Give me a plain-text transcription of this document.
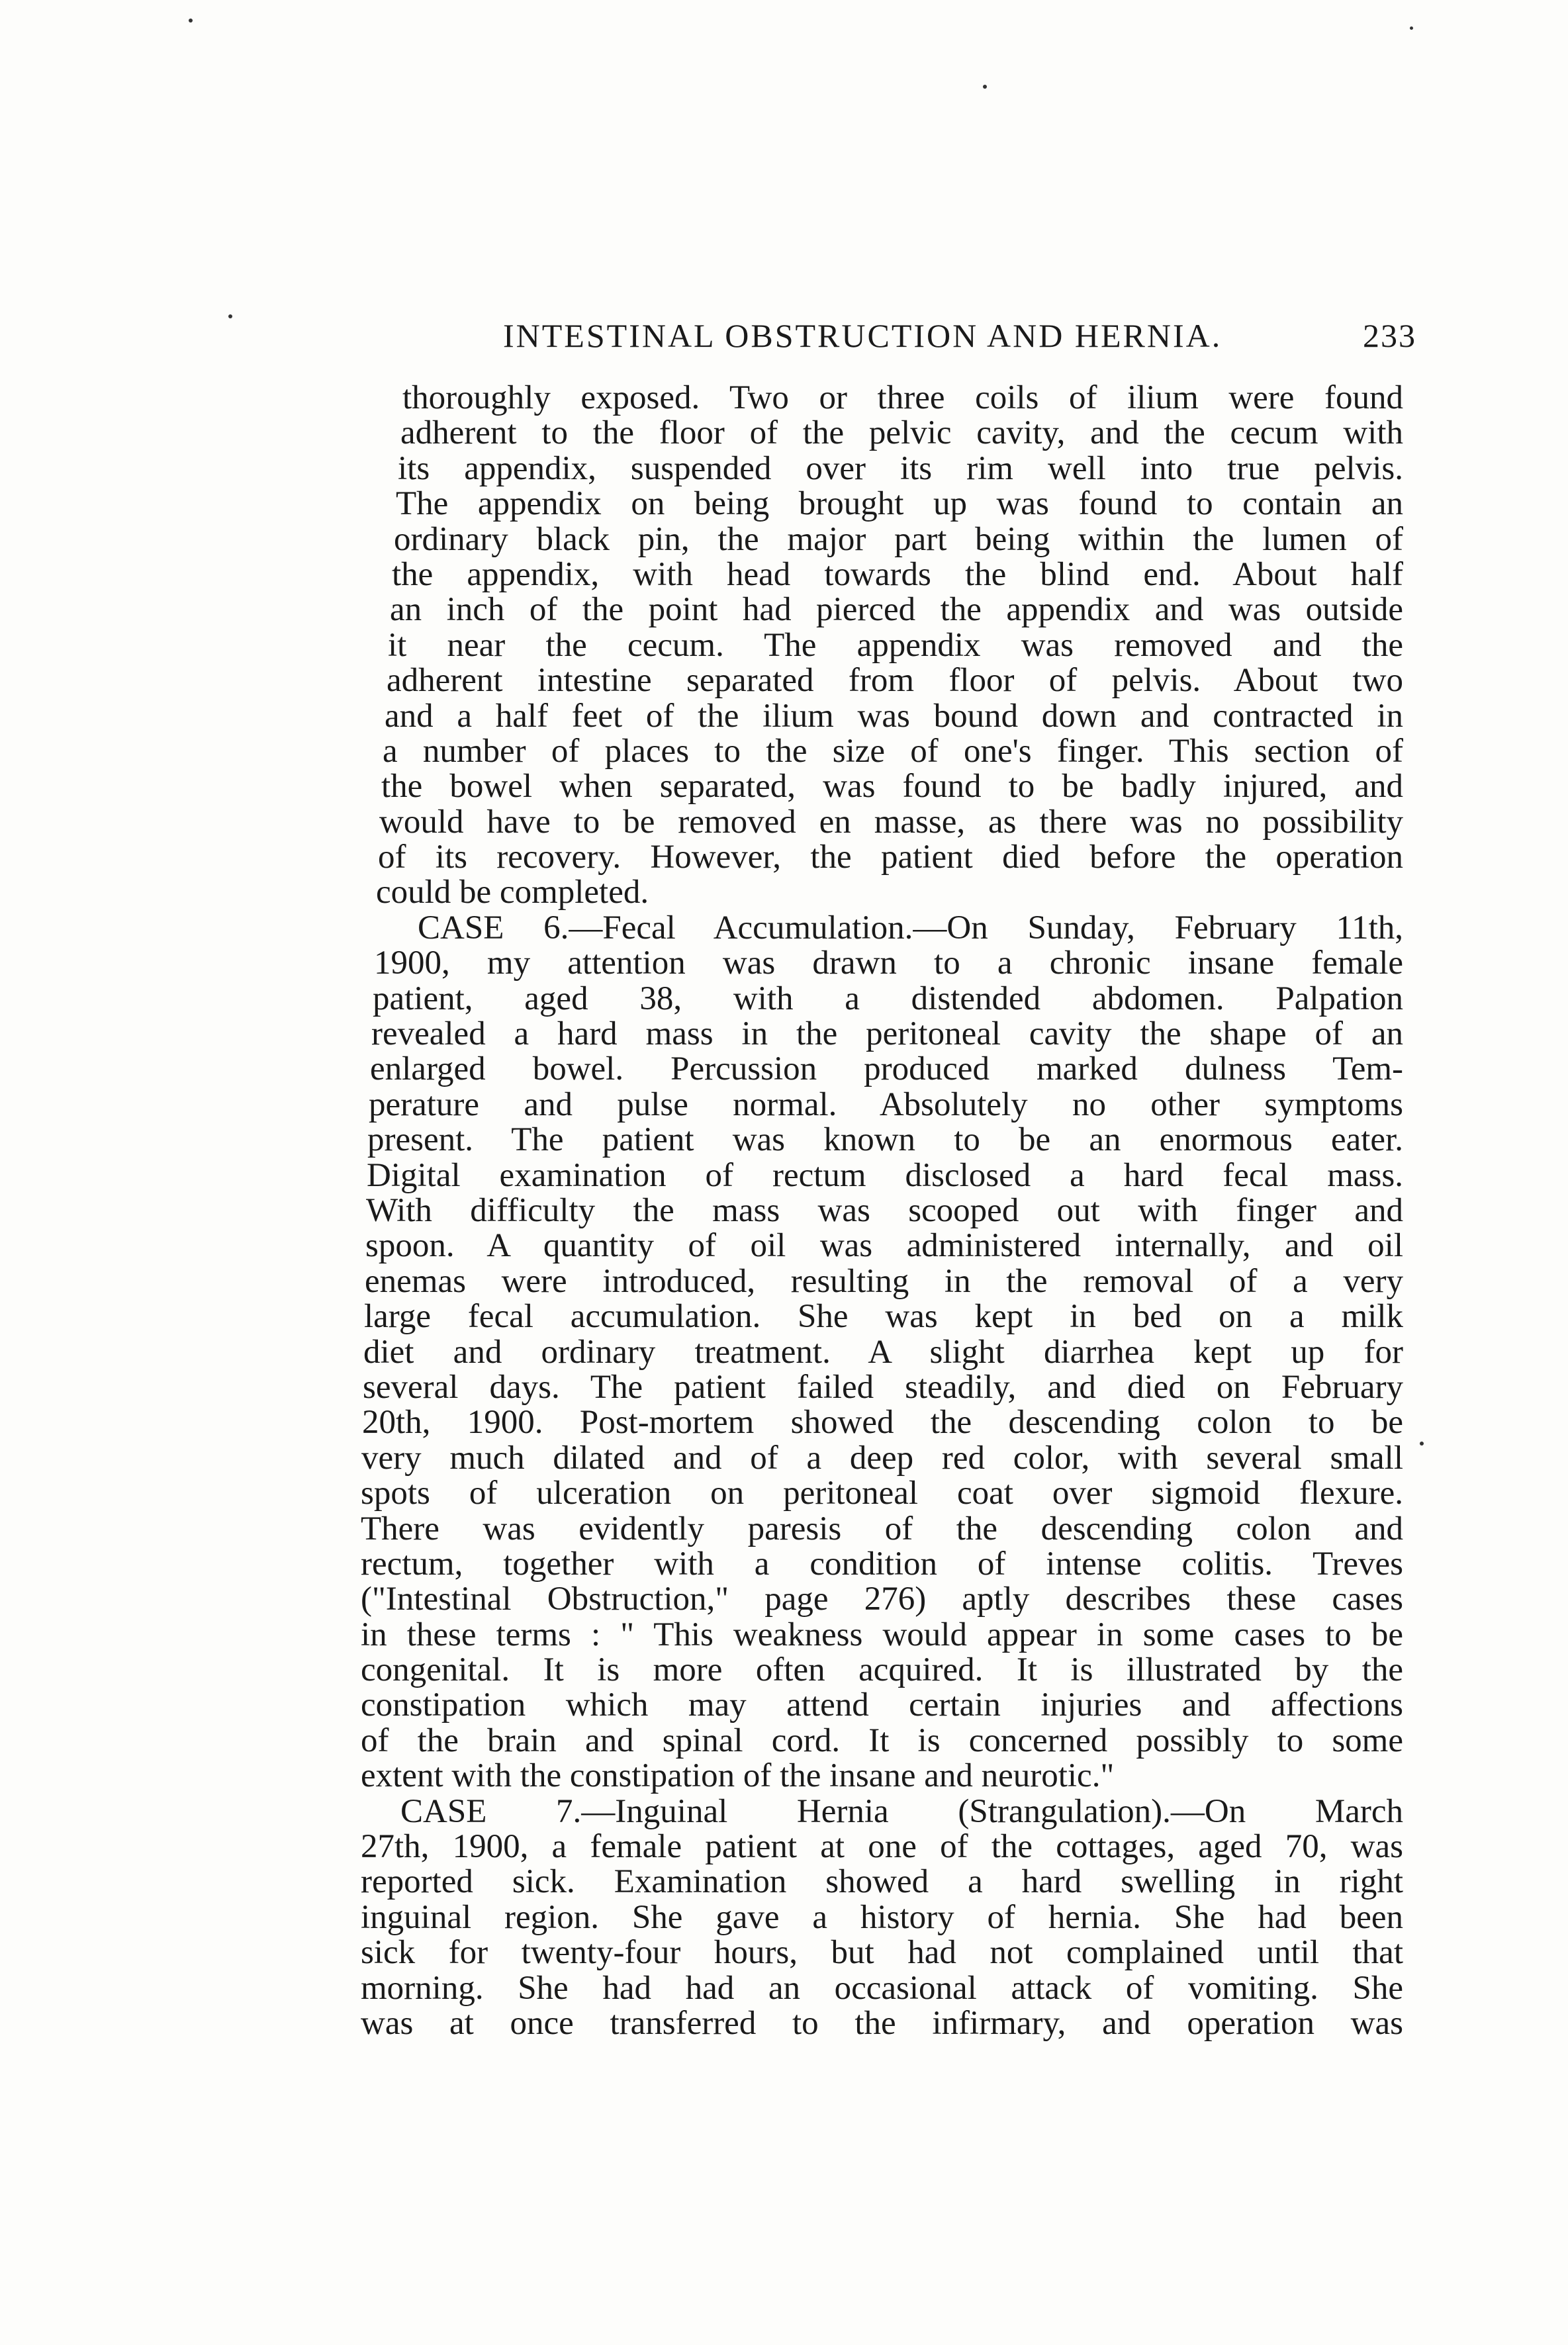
INTESTINAL OBSTRUCTION AND HERNIA.	233
thoroughly exposed. Two or three coils of ilium were found
adherent to the floor of the pelvic cavity, and the cecum with
its appendix, suspended over its rim well into true pelvis.
The appendix on being brought up was found to contain an
ordinary black pin, the major part being within the lumen of
the appendix, with head towards the blind end. About half
an inch of the point had pierced the appendix and was outside
it near the cecum. The appendix was removed and the
adherent intestine separated from floor of pelvis. About two
and a half feet of the ilium was bound down and contracted in
a number of places to the size of one's finger. This section of
the bowel when separated, was found to be badly injured, and
would have to be removed en masse, as there was no possibility
of its recovery. However, the patient died before the operation
could be completed.
CASE 6.—Fecal Accumulation.—On Sunday, February 11th,
1900, my attention was drawn to a chronic insane female
patient, aged 38, with a distended abdomen. Palpation
revealed a hard mass in the peritoneal cavity the shape of an
enlarged bowel. Percussion produced marked dulness Tem-
perature and pulse normal. Absolutely no other symptoms
present. The patient was known to be an enormous eater.
Digital examination of rectum disclosed a hard fecal mass.
With difficulty the mass was scooped out with finger and
spoon. A quantity of oil was administered internally, and oil
enemas were introduced, resulting in the removal of a very
large fecal accumulation. She was kept in bed on a milk
diet and ordinary treatment. A slight diarrhea kept up for
several days. The patient failed steadily, and died on February
20th, 1900. Post-mortem showed the descending colon to be
very much dilated and of a deep red color, with several small
spots of ulceration on peritoneal coat over sigmoid flexure.
There was evidently paresis of the descending colon and
rectum, together with a condition of intense colitis. Treves
("Intestinal Obstruction," page 276) aptly describes these cases
in these terms : " This weakness would appear in some cases to be
congenital. It is more often acquired. It is illustrated by the
constipation which may attend certain injuries and affections
of the brain and spinal cord. It is concerned possibly to some
extent with the constipation of the insane and neurotic."
CASE 7.—Inguinal Hernia (Strangulation).—On March
27th, 1900, a female patient at one of the cottages, aged 70, was
reported sick. Examination showed a hard swelling in right
inguinal region. She gave a history of hernia. She had been
sick for twenty-four hours, but had not complained until that
morning. She had had an occasional attack of vomiting. She
was at once transferred to the infirmary, and operation was
